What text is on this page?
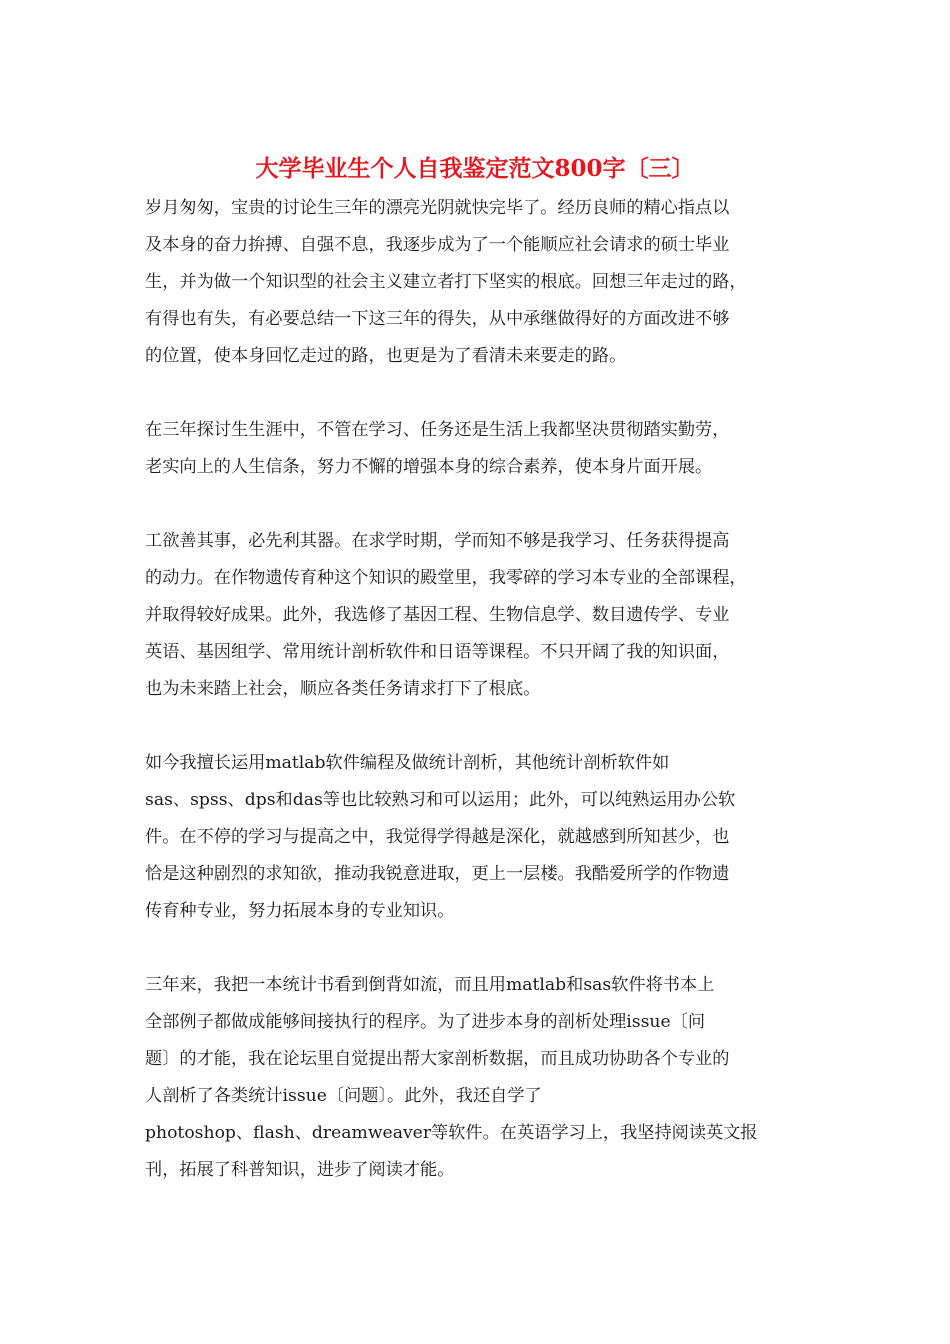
大学毕业生个人自我鉴定范文800字〔三〕

岁月匆匆，宝贵的讨论生三年的漂亮光阴就快完毕了。经历良师的精心指点以
及本身的奋力拚搏、自强不息，我逐步成为了一个能顺应社会请求的硕士毕业
生，并为做一个知识型的社会主义建立者打下坚实的根底。回想三年走过的路，
有得也有失，有必要总结一下这三年的得失，从中承继做得好的方面改进不够
的位置，使本身回忆走过的路，也更是为了看清未来要走的路。

在三年探讨生生涯中，不管在学习、任务还是生活上我都坚决贯彻踏实勤劳，
老实向上的人生信条，努力不懈的增强本身的综合素养，使本身片面开展。

工欲善其事，必先利其器。在求学时期，学而知不够是我学习、任务获得提高
的动力。在作物遗传育种这个知识的殿堂里，我零碎的学习本专业的全部课程，
并取得较好成果。此外，我选修了基因工程、生物信息学、数目遗传学、专业
英语、基因组学、常用统计剖析软件和日语等课程。不只开阔了我的知识面，
也为未来踏上社会，顺应各类任务请求打下了根底。

如今我擅长运用matlab软件编程及做统计剖析，其他统计剖析软件如
sas、spss、dps和das等也比较熟习和可以运用；此外，可以纯熟运用办公软
件。在不停的学习与提高之中，我觉得学得越是深化，就越感到所知甚少，也
恰是这种剧烈的求知欲，推动我锐意进取，更上一层楼。我酷爱所学的作物遗
传育种专业，努力拓展本身的专业知识。

三年来，我把一本统计书看到倒背如流，而且用matlab和sas软件将书本上
全部例子都做成能够间接执行的程序。为了进步本身的剖析处理issue〔问
题〕的才能，我在论坛里自觉提出帮大家剖析数据，而且成功协助各个专业的
人剖析了各类统计issue〔问题〕。此外，我还自学了
photoshop、flash、dreamweaver等软件。在英语学习上，我坚持阅读英文报
刊，拓展了科普知识，进步了阅读才能。
